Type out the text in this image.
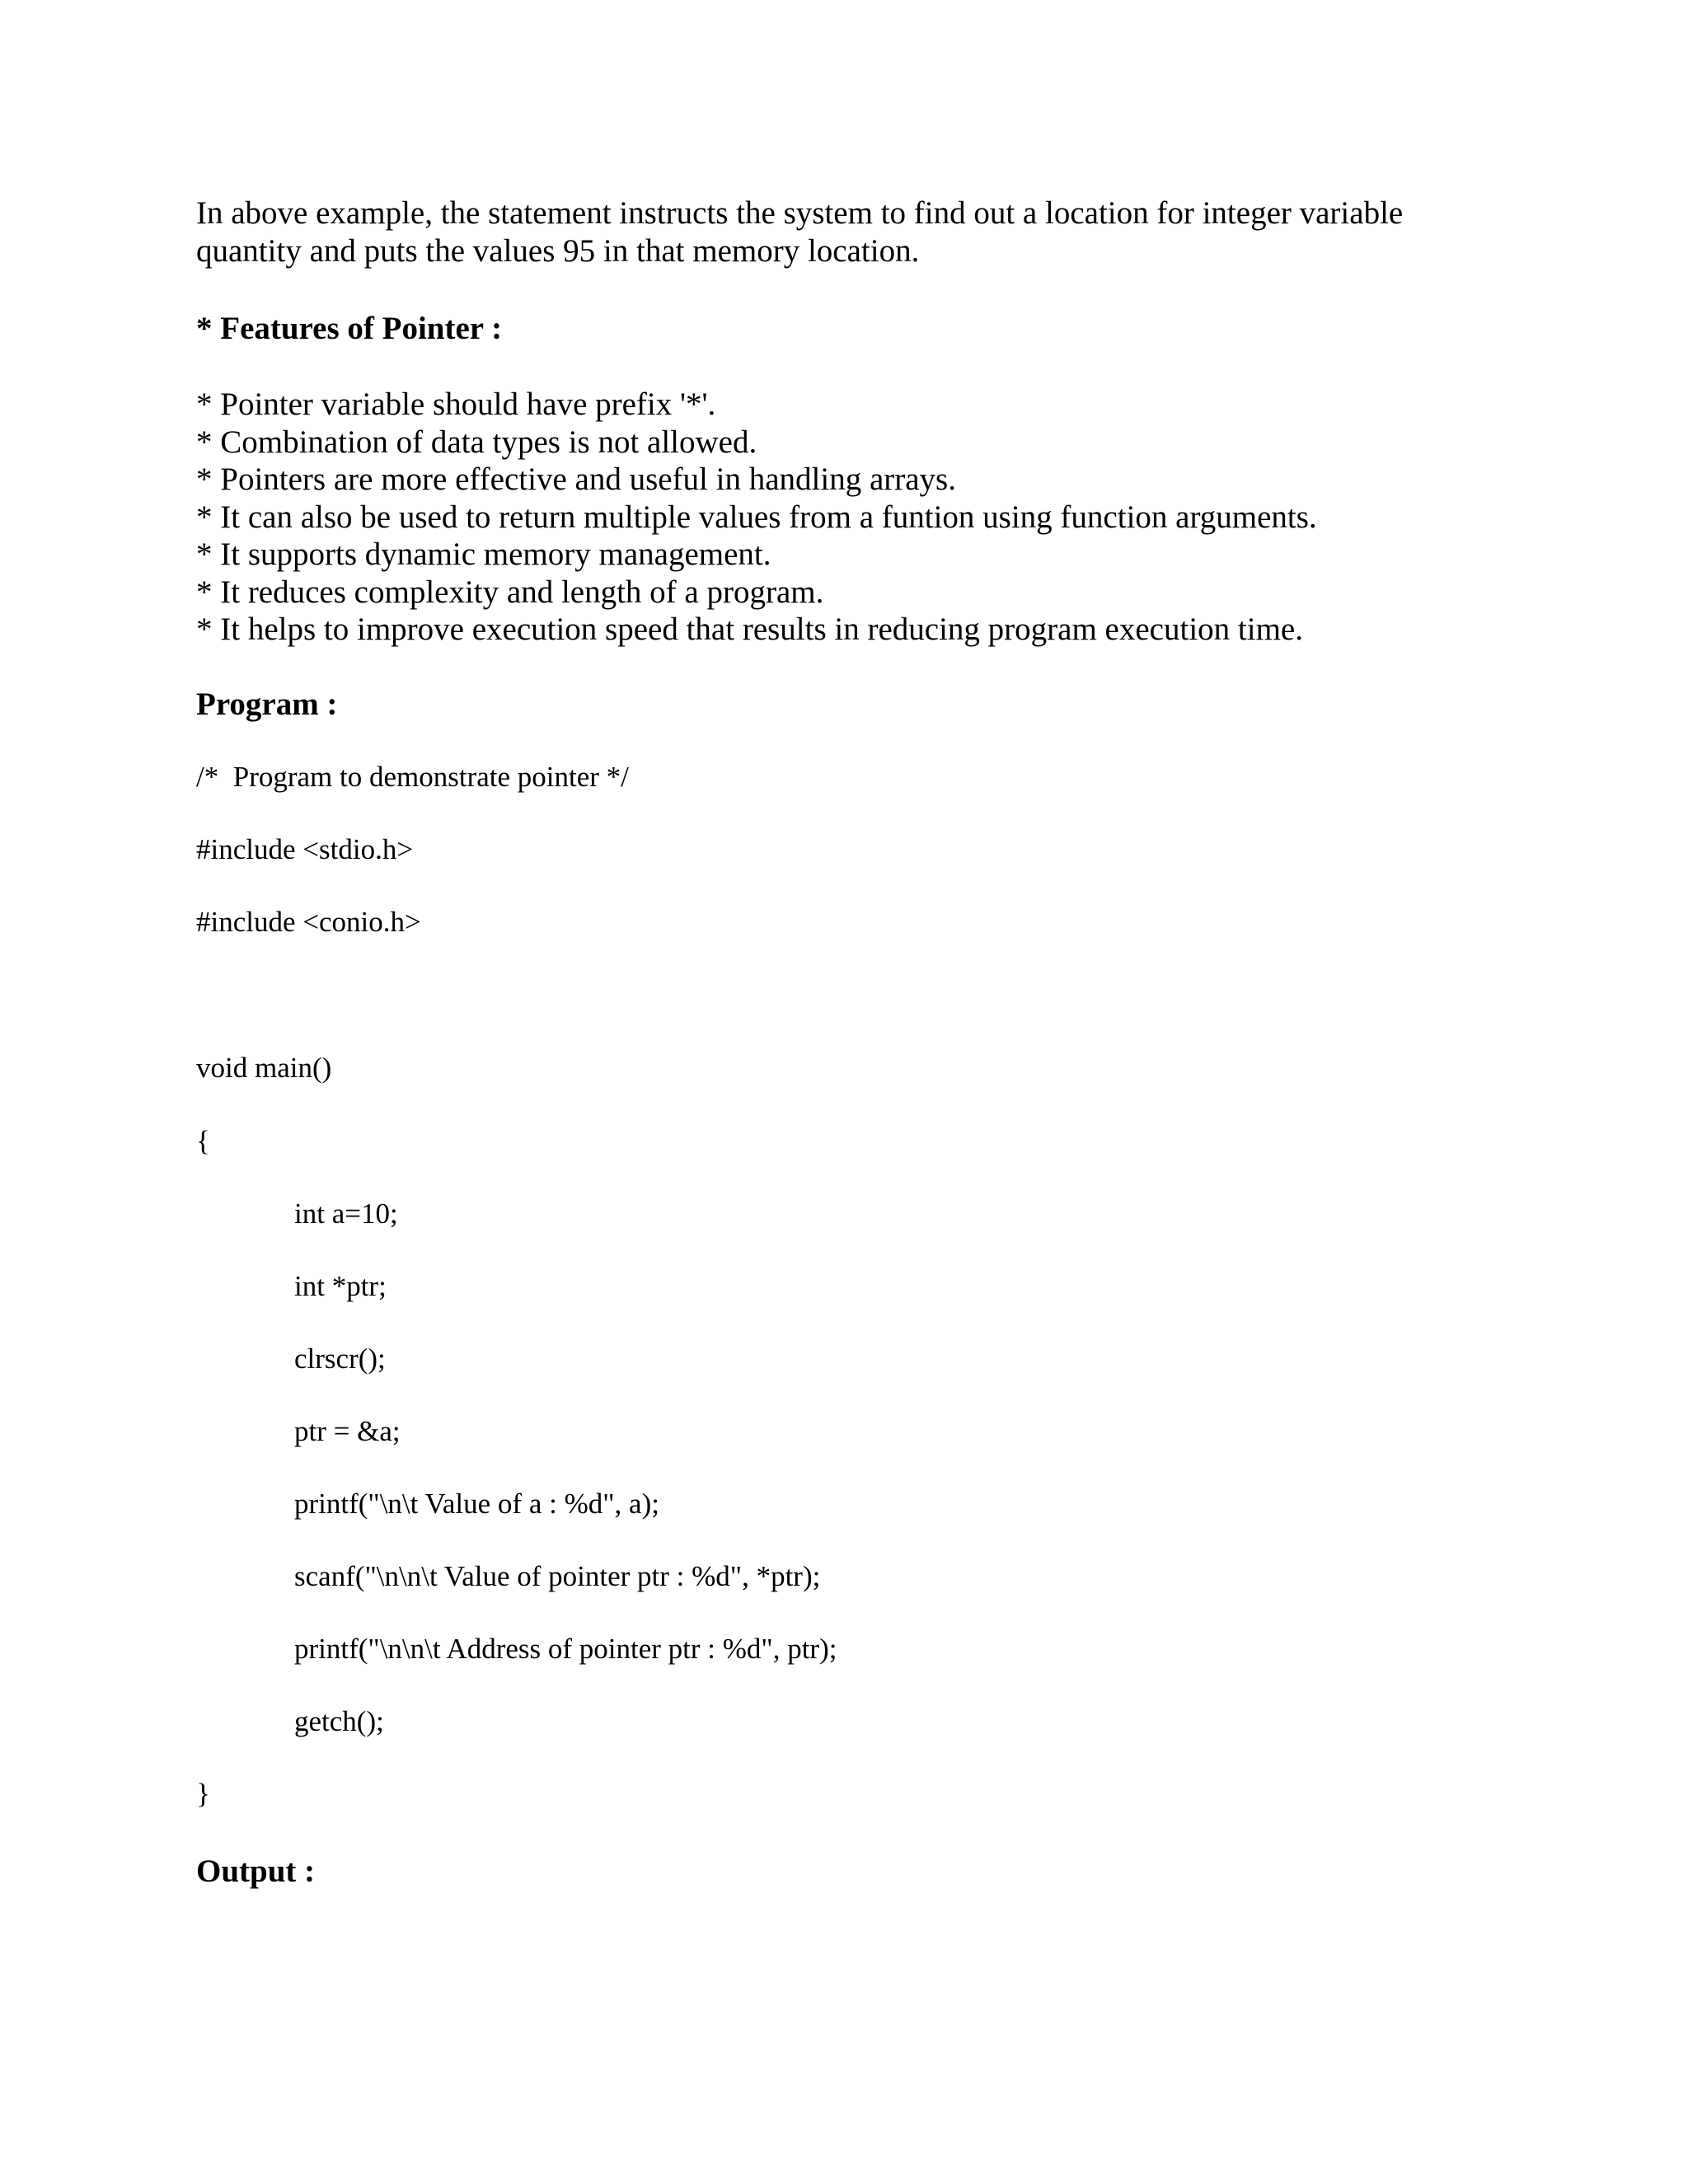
In above example, the statement instructs the system to find out a location for integer variable
quantity and puts the values 95 in that memory location.

* Features of Pointer :
* Pointer variable should have prefix '*'.
* Combination of data types is not allowed.
* Pointers are more effective and useful in handling arrays.
* It can also be used to return multiple values from a funtion using function arguments.
* It supports dynamic memory management.
* It reduces complexity and length of a program.
* It helps to improve execution speed that results in reducing program execution time.
Program :
/*  Program to demonstrate pointer */
#include <stdio.h>
#include <conio.h>
void main()
{
int a=10;
int *ptr;
clrscr();
ptr = &a;
printf("\n\t Value of a : %d", a);
scanf("\n\n\t Value of pointer ptr : %d", *ptr);
printf("\n\n\t Address of pointer ptr : %d", ptr);
getch();
}
Output :
